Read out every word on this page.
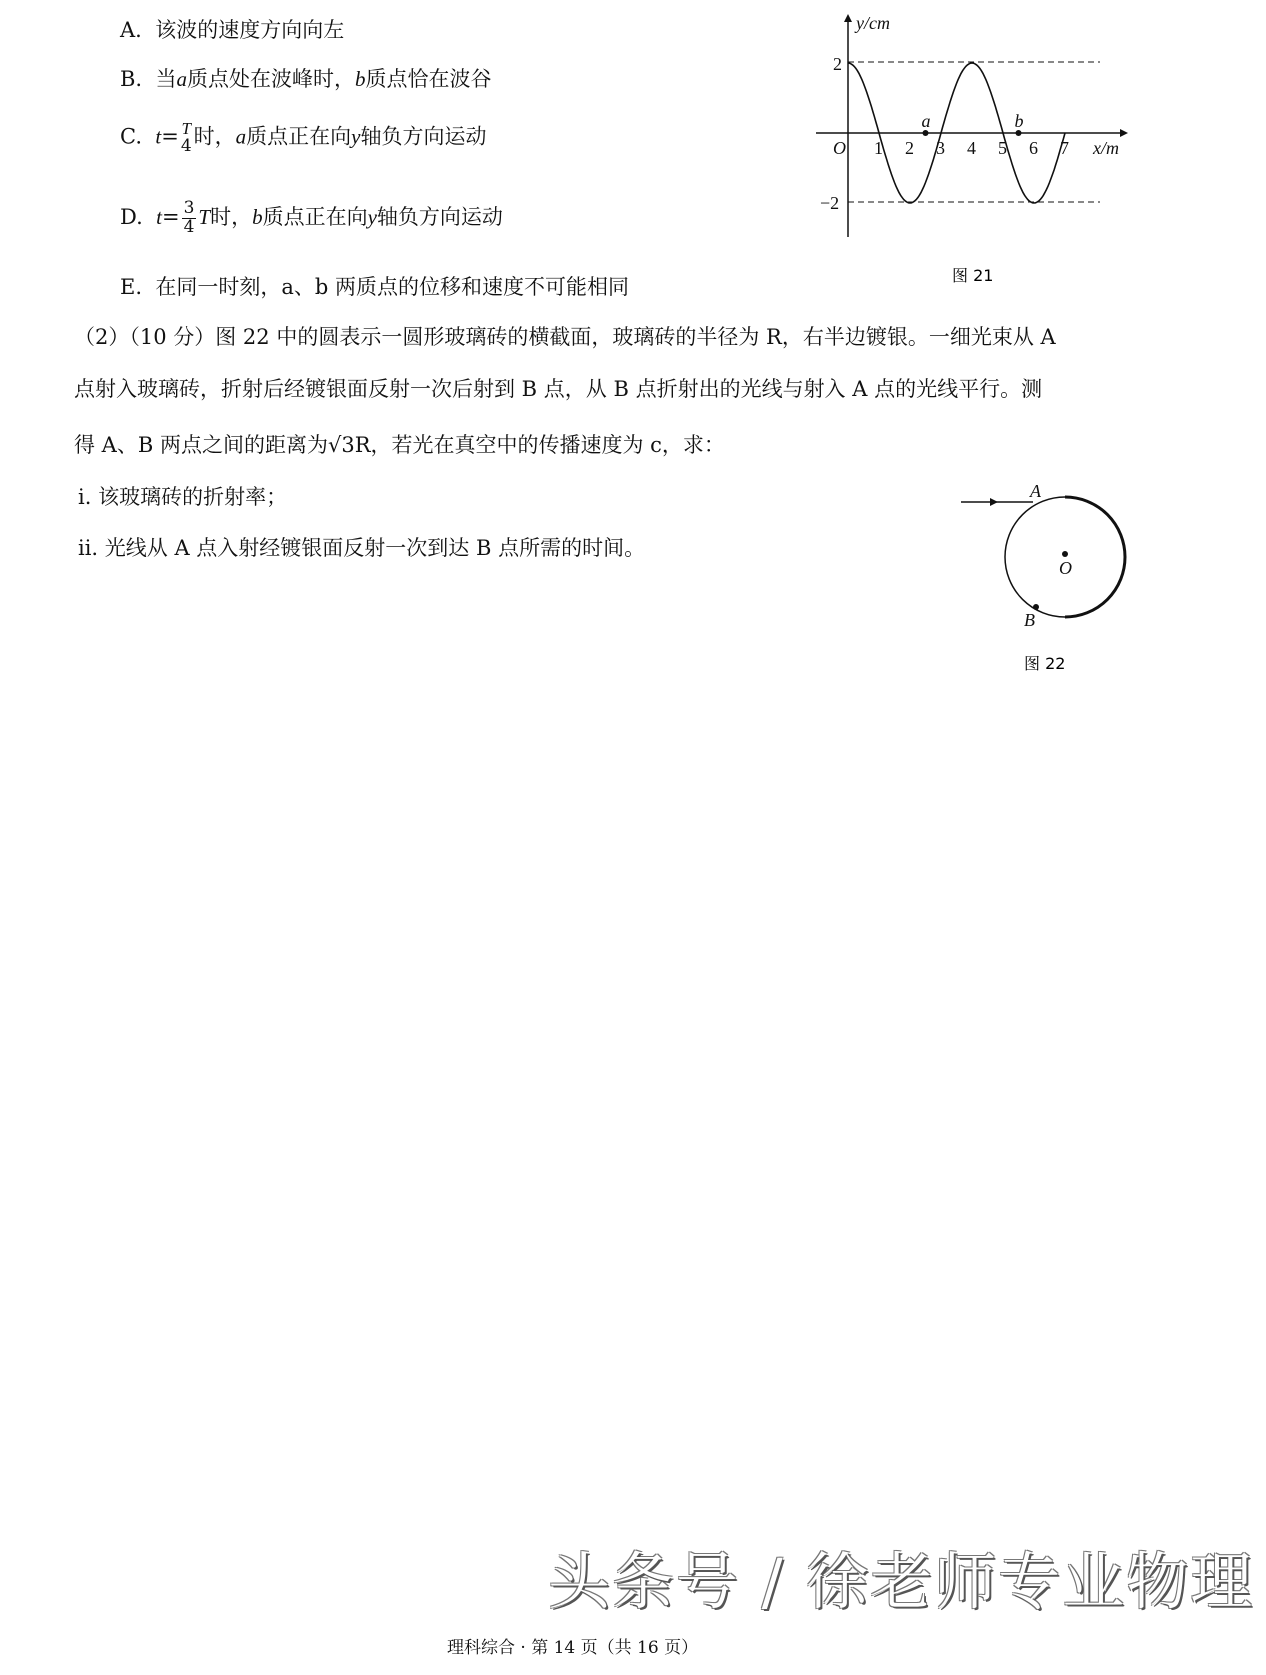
A. 该波的速度方向向左
B. 当a质点处在波峰时，b质点恰在波谷
C. t= T
4 时，a质点正在向y轴负方向运动
D. $t= \frac{3}{4}$ T时，b质点正在向y轴负方向运动
E. 在同一时刻，a、b 两质点的位移和速度不可能相同
（2）（10 分）图 22 中的圆表示一圆形玻璃砖的横截面，玻璃砖的半径为 R，右半边镀银。一细光束从 A
点射入玻璃砖，折射后经镀银面反射一次后射到 B 点，从 B 点折射出的光线与射入 A 点的光线平行。测
得 A、B 两点之间的距离为√3R，若光在真空中的传播速度为 c，求：
ⅰ. 该玻璃砖的折射率；
ⅱ. 光线从 A 点入射经镀银面反射一次到达 B 点所需的时间。
y/cm
x/m
O
2
−2
1 2 3 4 5 6 7
a	b
图 21
A
B
O
图 22
头条号 / 徐老师专业物理
理科综合 · 第 14 页（共 16 页）
